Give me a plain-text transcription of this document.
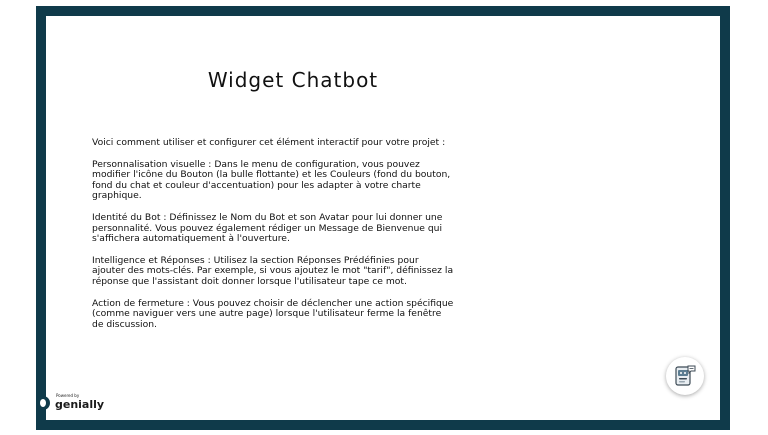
Widget Chatbot

Voici comment utiliser et configurer cet élément interactif pour votre projet :

Personnalisation visuelle : Dans le menu de configuration, vous pouvez modifier l'icône du Bouton (la bulle flottante) et les Couleurs (fond du bouton, fond du chat et couleur d'accentuation) pour les adapter à votre charte graphique.

Identité du Bot : Définissez le Nom du Bot et son Avatar pour lui donner une personnalité. Vous pouvez également rédiger un Message de Bienvenue qui s'affichera automatiquement à l'ouverture.

Intelligence et Réponses : Utilisez la section Réponses Prédéfinies pour ajouter des mots-clés. Par exemple, si vous ajoutez le mot "tarif", définissez la réponse que l'assistant doit donner lorsque l'utilisateur tape ce mot.

Action de fermeture : Vous pouvez choisir de déclencher une action spécifique (comme naviguer vers une autre page) lorsque l'utilisateur ferme la fenêtre de discussion.

Powered by
genially
